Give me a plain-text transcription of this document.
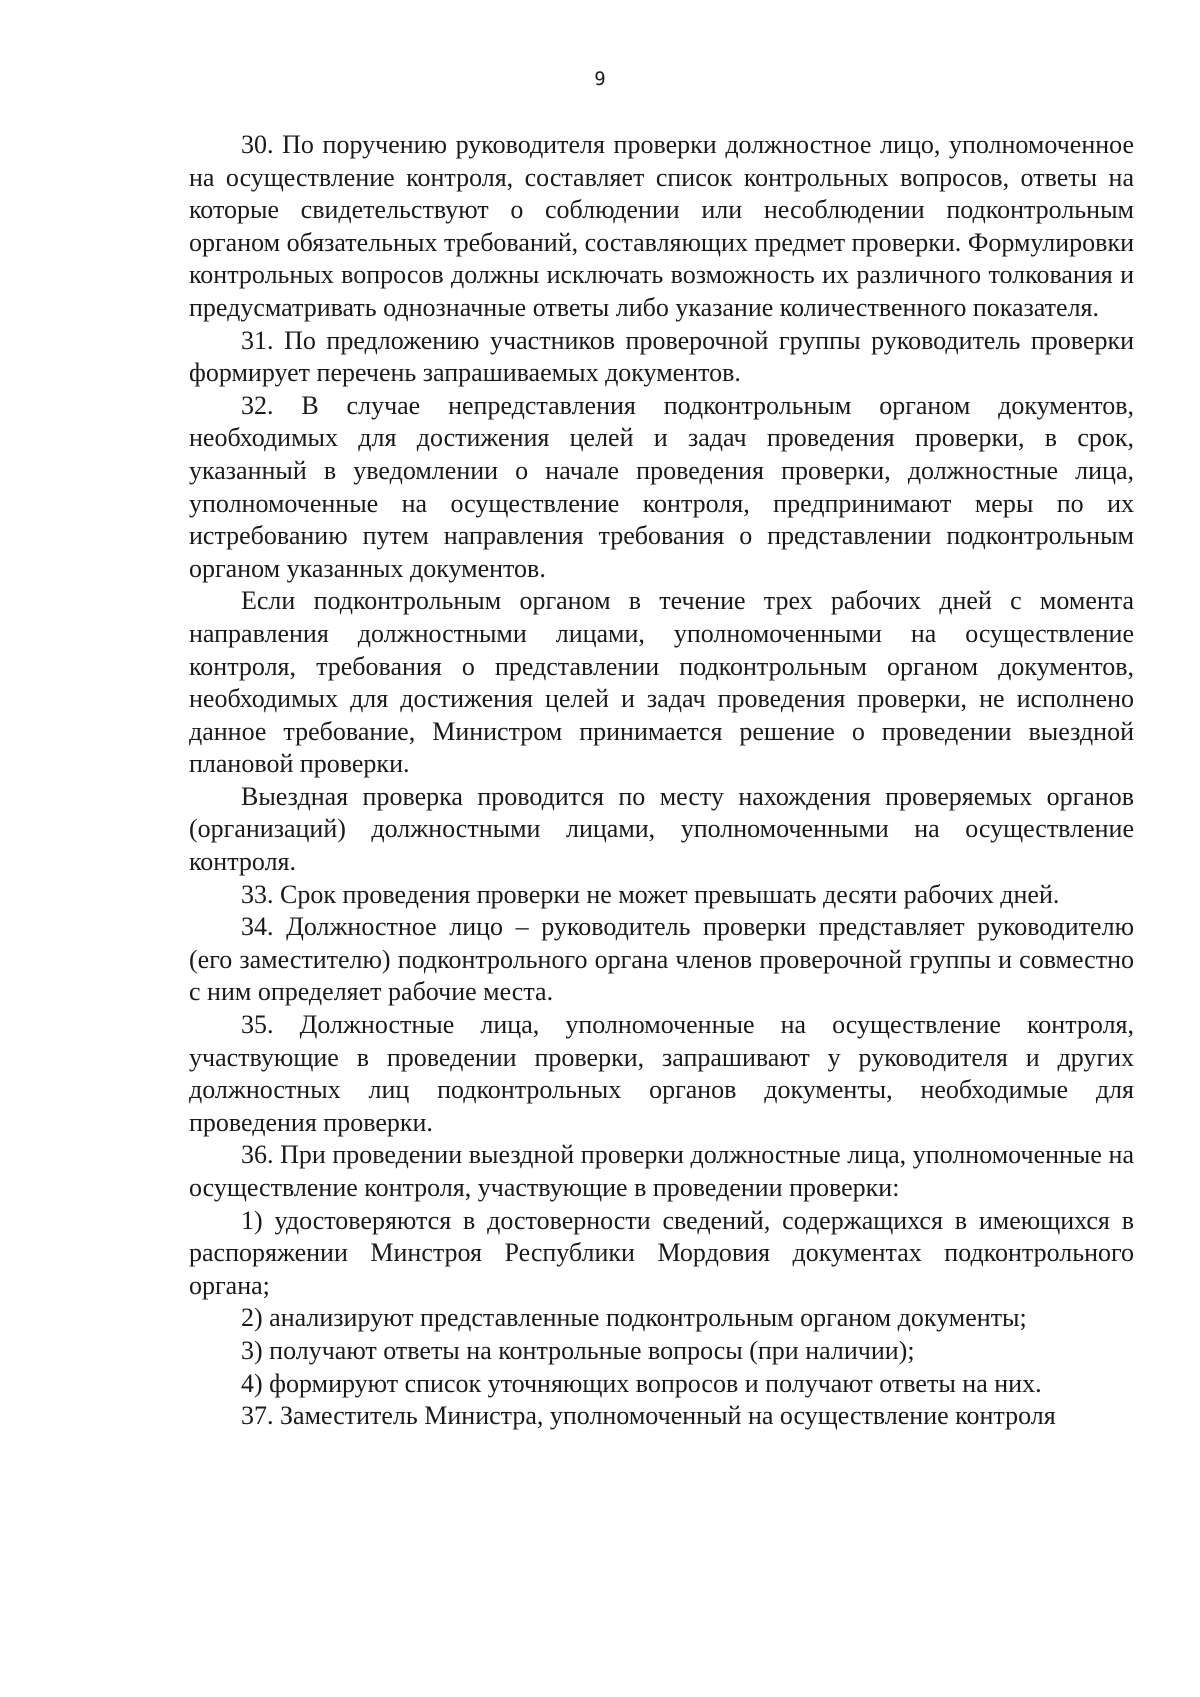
9

30. По поручению руководителя проверки должностное лицо, уполномоченное на осуществление контроля, составляет список контрольных вопросов, ответы на которые свидетельствуют о соблюдении или несоблюдении подконтрольным органом обязательных требований, составляющих предмет проверки. Формулировки контрольных вопросов должны исключать возможность их различного толкования и предусматривать однозначные ответы либо указание количественного показателя.

31. По предложению участников проверочной группы руководитель проверки формирует перечень запрашиваемых документов.

32. В случае непредставления подконтрольным органом документов, необходимых для достижения целей и задач проведения проверки, в срок, указанный в уведомлении о начале проведения проверки, должностные лица, уполномоченные на осуществление контроля, предпринимают меры по их истребованию путем направления требования о представлении подконтрольным органом указанных документов.

Если подконтрольным органом в течение трех рабочих дней с момента направления должностными лицами, уполномоченными на осуществление контроля, требования о представлении подконтрольным органом документов, необходимых для достижения целей и задач проведения проверки, не исполнено данное требование, Министром принимается решение о проведении выездной плановой проверки.

Выездная проверка проводится по месту нахождения проверяемых органов (организаций) должностными лицами, уполномоченными на осуществление контроля.

33. Срок проведения проверки не может превышать десяти рабочих дней.

34. Должностное лицо – руководитель проверки представляет руководителю (его заместителю) подконтрольного органа членов проверочной группы и совместно с ним определяет рабочие места.

35. Должностные лица, уполномоченные на осуществление контроля, участвующие в проведении проверки, запрашивают у руководителя и других должностных лиц подконтрольных органов документы, необходимые для проведения проверки.

36. При проведении выездной проверки должностные лица, уполномоченные на осуществление контроля, участвующие в проведении проверки:

1) удостоверяются в достоверности сведений, содержащихся в имеющихся в распоряжении Минстроя Республики Мордовия документах подконтрольного органа;

2) анализируют представленные подконтрольным органом документы;

3) получают ответы на контрольные вопросы (при наличии);

4) формируют список уточняющих вопросов и получают ответы на них.

37. Заместитель Министра, уполномоченный на осуществление контроля
